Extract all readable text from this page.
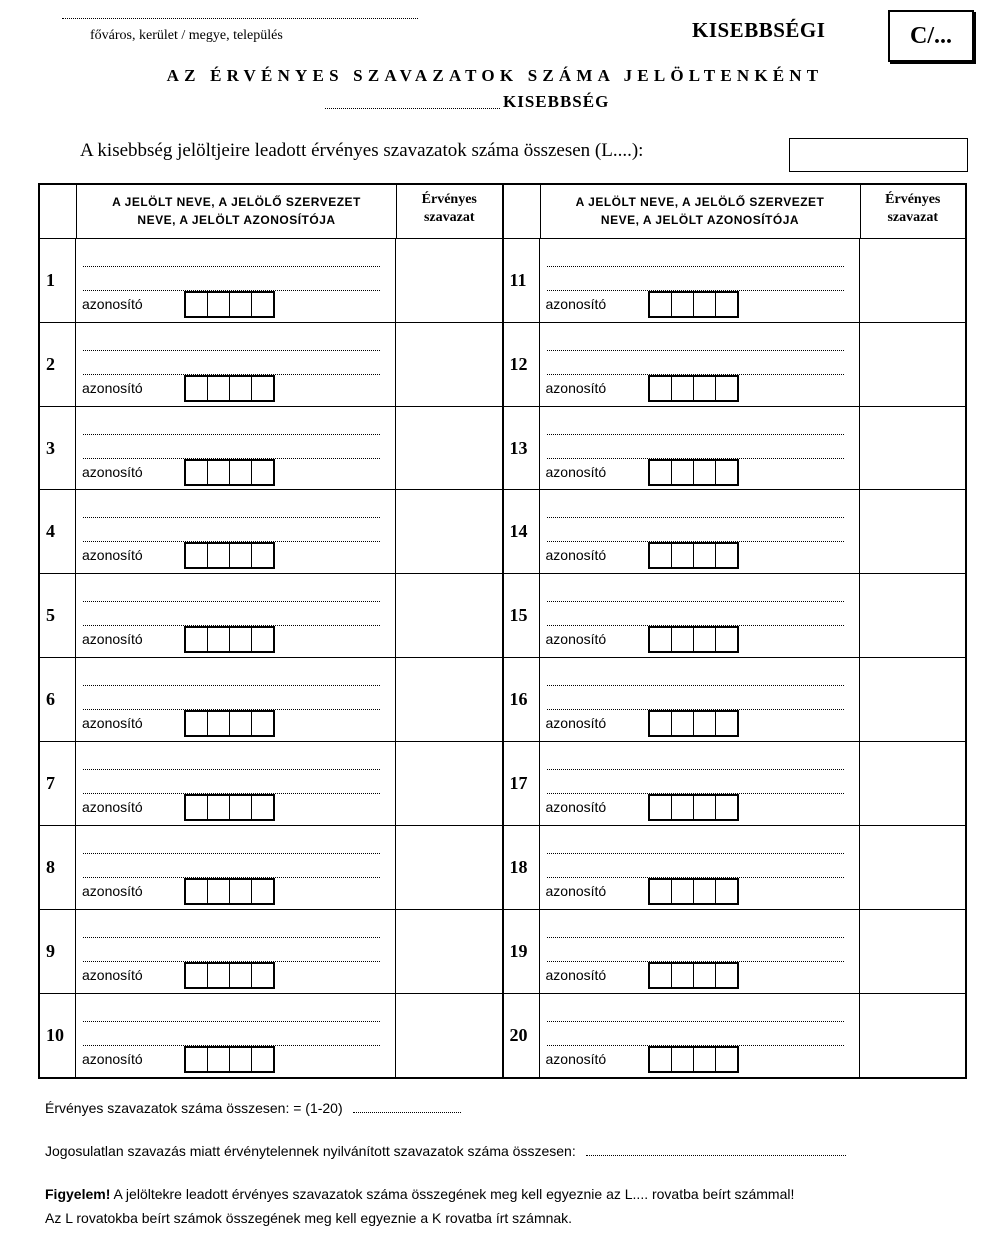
főváros, kerület / megye, település	KISEBBSÉGI	C/...
AZ ÉRVÉNYES SZAVAZATOK SZÁMA JELÖLTENKÉNT
KISEBBSÉG
A kisebbség jelöltjeire leadott érvényes szavazatok száma összesen (L....):
A JELÖLT NEVE, A JELÖLŐ SZERVEZET
NEVE, A JELÖLT AZONOSÍTÓJA
Érvényes
szavazat
1
azonosító
2
azonosító
3
azonosító
4
azonosító
5
azonosító
6
azonosító
7
azonosító
8
azonosító
9
azonosító
10
azonosító
A JELÖLT NEVE, A JELÖLŐ SZERVEZET
NEVE, A JELÖLT AZONOSÍTÓJA
Érvényes
szavazat
11
azonosító
12
azonosító
13
azonosító
14
azonosító
15
azonosító
16
azonosító
17
azonosító
18
azonosító
19
azonosító
20
azonosító
Érvényes szavazatok száma összesen: = (1-20)
Jogosulatlan szavazás miatt érvénytelennek nyilvánított szavazatok száma összesen:
Figyelem! A jelöltekre leadott érvényes szavazatok száma összegének meg kell egyeznie az L.... rovatba beírt számmal!
Az L rovatokba beírt számok összegének meg kell egyeznie a K rovatba írt számnak.
